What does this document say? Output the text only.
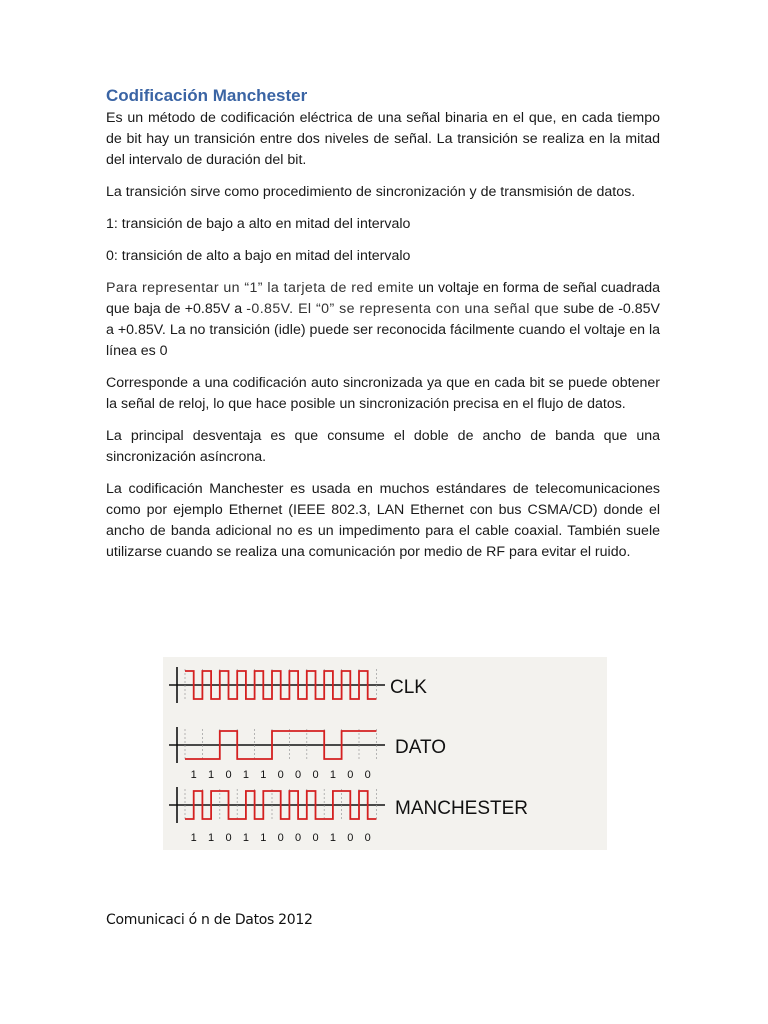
Codificación Manchester

Es un método de codificación eléctrica de una señal binaria en el que, en cada tiempo de bit hay un transición entre dos niveles de señal. La transición se realiza en la mitad del intervalo de duración del bit.

La transición sirve como procedimiento de sincronización y de transmisión de datos.

1: transición de bajo a alto en mitad del intervalo

0: transición de alto a bajo en mitad del intervalo

Para representar un “1” la tarjeta de red emite un voltaje en forma de señal cuadrada que baja de +0.85V a -0.85V. El “0” se representa con una señal que sube de -0.85V a +0.85V. La no transición (idle) puede ser reconocida fácilmente cuando el voltaje en la línea es 0

Corresponde a una codificación auto sincronizada ya que en cada bit se puede obtener la señal de reloj, lo que hace posible un sincronización precisa en el flujo de datos.

La principal desventaja es que consume el doble de ancho de banda que una sincronización asíncrona.

La codificación Manchester es usada en muchos estándares de telecomunicaciones como por ejemplo Ethernet (IEEE 802.3, LAN Ethernet con bus CSMA/CD) donde el ancho de banda adicional no es un impedimento para el cable coaxial. También suele utilizarse cuando se realiza una comunicación por medio de RF para evitar el ruido.

1 1 0 1 1 0 0 0 1 0 0
1 1 0 1 1 0 0 0 1 0 0
CLK
DATO
MANCHESTER
Comunicaci ó n de Datos 2012
